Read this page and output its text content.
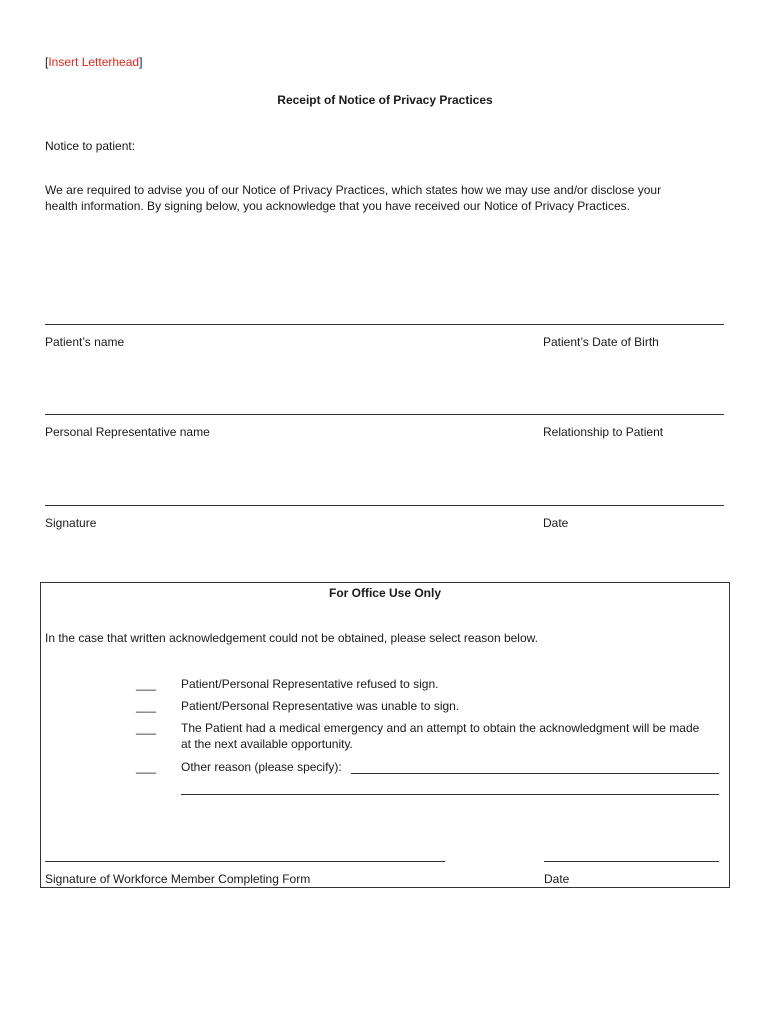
[Insert Letterhead]
Receipt of Notice of Privacy Practices
Notice to patient:
We are required to advise you of our Notice of Privacy Practices, which states how we may use and/or disclose your
health information. By signing below, you acknowledge that you have received our Notice of Privacy Practices.
Patient’s name	Patient’s Date of Birth
Personal Representative name	Relationship to Patient
Signature	Date
For Office Use Only
In the case that written acknowledgement could not be obtained, please select reason below.
___ Patient/Personal Representative refused to sign.
___ Patient/Personal Representative was unable to sign.
___ The Patient had a medical emergency and an attempt to obtain the acknowledgment will be made
at the next available opportunity.
___ Other reason (please specify):
Signature of Workforce Member Completing Form	Date
